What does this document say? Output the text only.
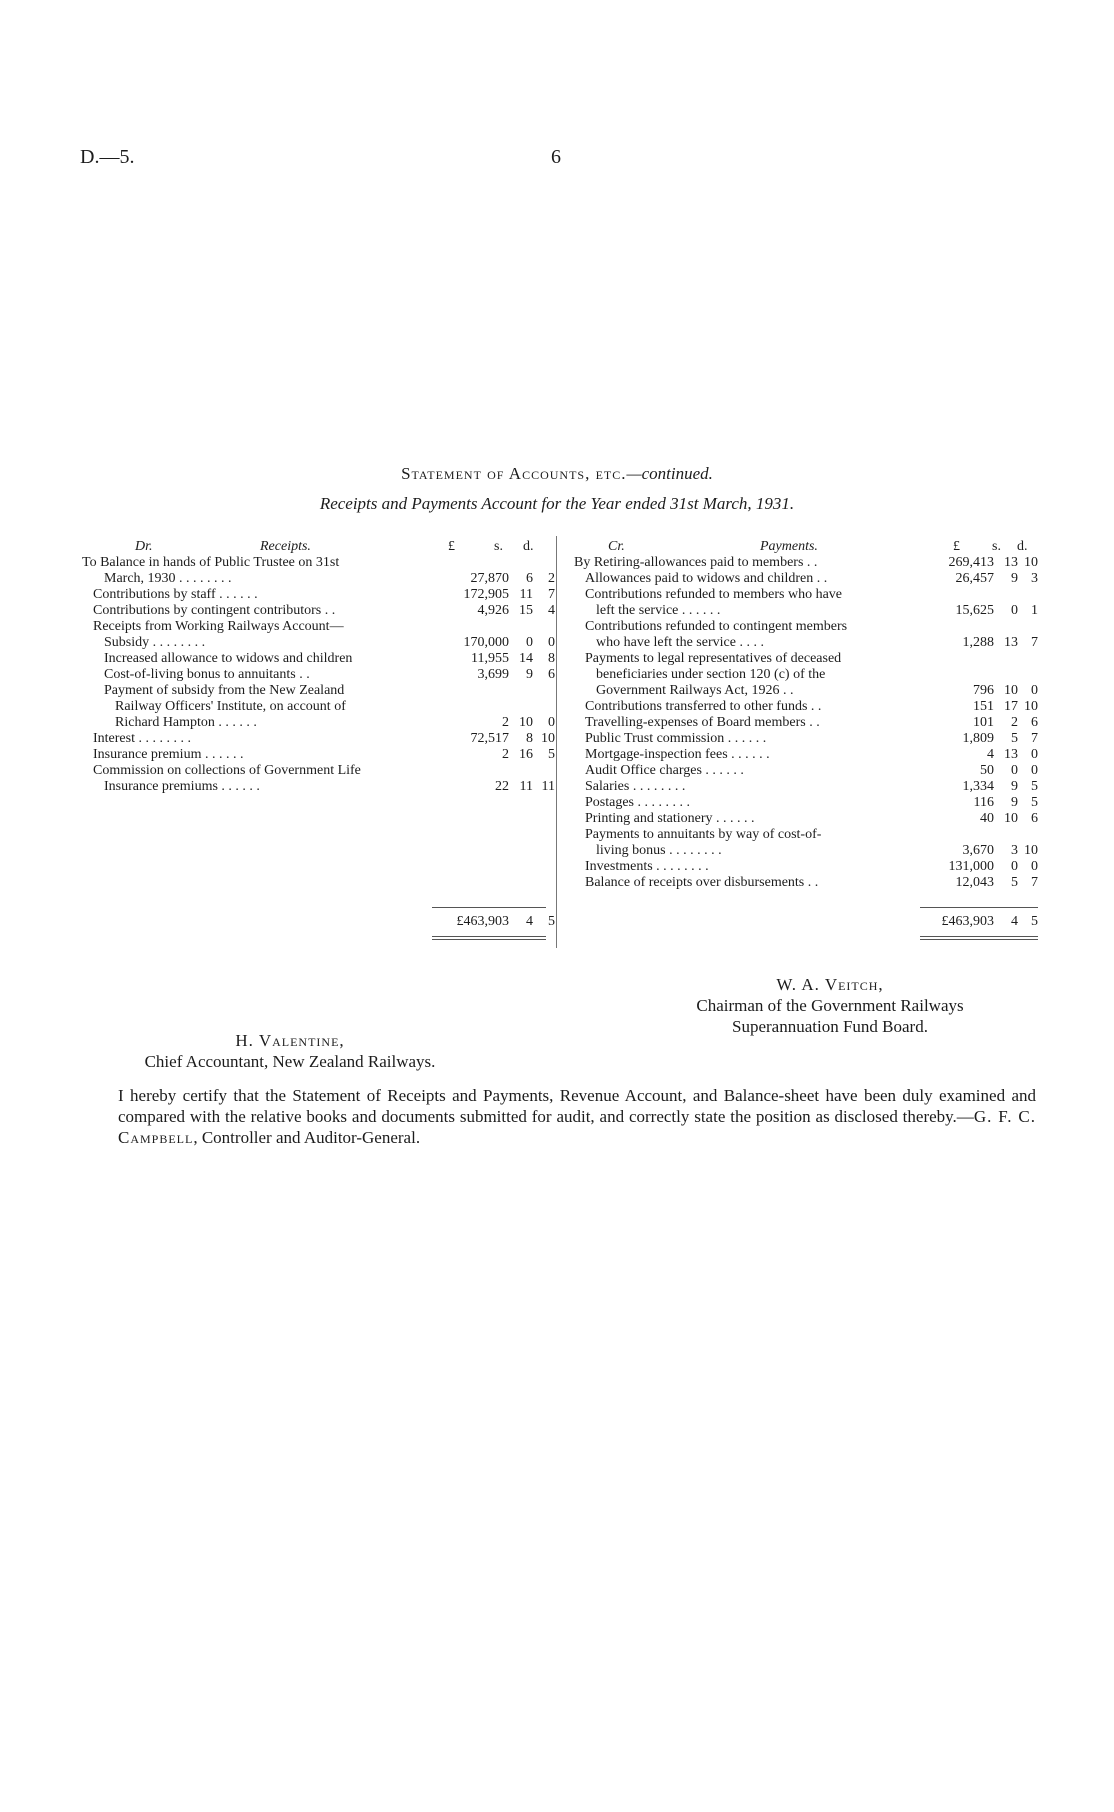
D.—5.	6
Statement of Accounts, etc.—continued.
Receipts and Payments Account for the Year ended 31st March, 1931.
Dr.	Receipts.	£	s. d.
To Balance in hands of Public Trustee on 31st
March, 1930 . . . . . . . .	27,870	6	2
Contributions by staff . . . . . .	172,905 11	7
Contributions by contingent contributors . .	4,926 15	4
Receipts from Working Railways Account—
Subsidy . . . . . . . .	170,000	0	0
Increased allowance to widows and children	11,955 14	8
Cost-of-living bonus to annuitants . .	3,699	9	6
Payment of subsidy from the New Zealand
Railway Officers' Institute, on account of
Richard Hampton . . . . . .	2 10	0
Interest . . . . . . . .	72,517	8 10
Insurance premium . . . . . .	2 16	5
Commission on collections of Government Life
Insurance premiums . . . . . .	22 11 11
Cr.	Payments.	£ s. d.
By Retiring-allowances paid to members . .	269,413 13 10
Allowances paid to widows and children . .	26,457	9 3
Contributions refunded to members who have
left the service . . . . . .	15,625	0 1
Contributions refunded to contingent members
who have left the service . . . .	1,288 13 7
Payments to legal representatives of deceased
beneficiaries under section 120 (c) of the
Government Railways Act, 1926 . .	796 10 0
Contributions transferred to other funds . .	151 17 10
Travelling-expenses of Board members . .	101	2 6
Public Trust commission . . . . . .	1,809	5 7
Mortgage-inspection fees . . . . . .	4 13 0
Audit Office charges . . . . . .	50	0 0
Salaries . . . . . . . .	1,334	9 5
Postages . . . . . . . .	116	9 5
Printing and stationery . . . . . .	40 10 6
Payments to annuitants by way of cost-of-
living bonus . . . . . . . .	3,670	3 10
Investments . . . . . . . .	131,000	0 0
Balance of receipts over disbursements . .	12,043	5 7
£463,903	4	5	£463,903	4 5
W. A. Veitch,
Chairman of the Government Railways
Superannuation Fund Board.
H. Valentine,
Chief Accountant, New Zealand Railways.
I hereby certify that the Statement of Receipts and Payments, Revenue Account, and Balance-sheet have been duly examined and compared with the relative books and documents submitted for audit, and correctly state the position as disclosed thereby.—G. F. C. Campbell, Controller and Auditor-General.
